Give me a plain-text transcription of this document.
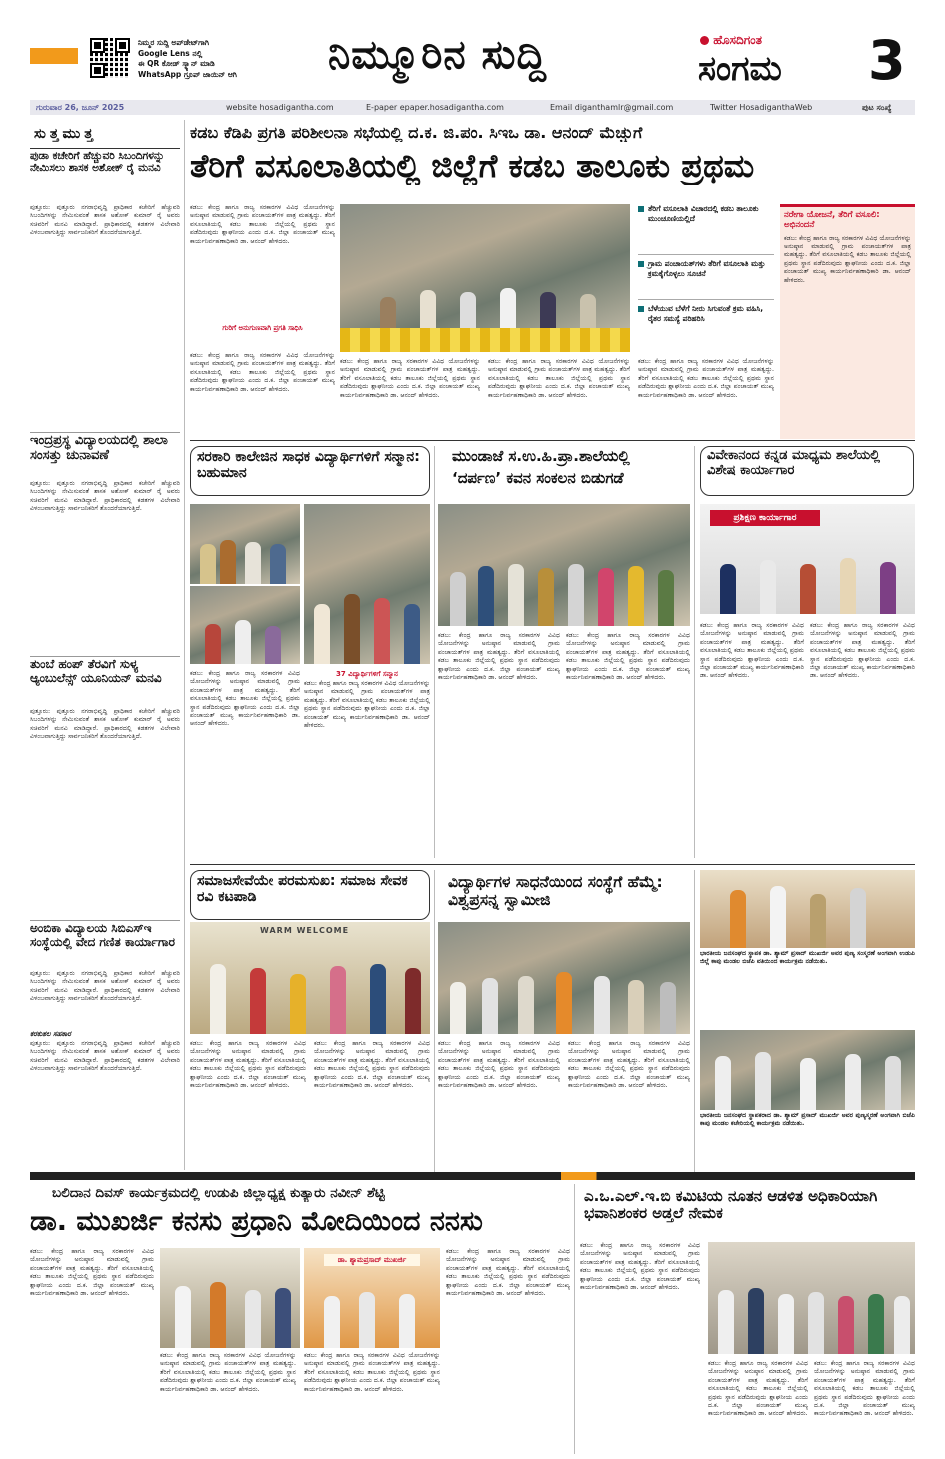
ನಿಮ್ಮರ ಸುದ್ದಿ ಅಪ್‌ಡೇಟ್‌ಗಾಗಿ
Google Lens ನಲ್ಲಿ
ಈ QR ಕೋಡ್ ಸ್ಕ್ಯಾನ್ ಮಾಡಿ
WhatsApp ಗ್ರೂಪ್ ಜಾಯಿನ್ ಆಗಿ	ನಿಮ್ಮೂರಿನ ಸುದ್ದಿ	ಹೊಸದಿಗಂತ
ಸಂಗಮ 3
ಗುರುವಾರ 26, ಜೂನ್ 2025	website hosadigantha.com	E-paper epaper.hosadigantha.com	Email diganthamlr@gmail.com	Twitter HosadiganthaWeb	ಪುಟ ಸಂಖ್ಯೆ
ಸುತ್ತಮುತ್ತ
ಪುಡಾ ಕಚೇರಿಗೆ ಹೆಚ್ಚುವರಿ ಸಿಬಂದಿಗಳನ್ನು ನೇಮಿಸಲು ಶಾಸಕ ಅಶೋಕ್ ರೈ ಮನವಿ
ಪುತ್ತೂರು: ಪುತ್ತೂರು ನಗರಾಭಿವೃದ್ಧಿ ಪ್ರಾಧಿಕಾರ ಕಚೇರಿಗೆ ಹೆಚ್ಚುವರಿ ಸಿಬಂದಿಗಳನ್ನು ನೇಮಿಸುವಂತೆ ಶಾಸಕ ಅಶೋಕ್ ಕುಮಾರ್ ರೈ ಅವರು ಸಚಿವರಿಗೆ ಮನವಿ ಮಾಡಿದ್ದಾರೆ. ಪ್ರಾಧಿಕಾರದಲ್ಲಿ ಕಡತಗಳ ವಿಲೇವಾರಿ ವಿಳಂಬವಾಗುತ್ತಿದ್ದು ಸಾರ್ವಜನಿಕರಿಗೆ ತೊಂದರೆಯಾಗುತ್ತಿದೆ.
ಇಂದ್ರಪ್ರಸ್ಥ ವಿದ್ಯಾಲಯದಲ್ಲಿ ಶಾಲಾ ಸಂಸತ್ತು ಚುನಾವಣೆ
ಪುತ್ತೂರು: ಪುತ್ತೂರು ನಗರಾಭಿವೃದ್ಧಿ ಪ್ರಾಧಿಕಾರ ಕಚೇರಿಗೆ ಹೆಚ್ಚುವರಿ ಸಿಬಂದಿಗಳನ್ನು ನೇಮಿಸುವಂತೆ ಶಾಸಕ ಅಶೋಕ್ ಕುಮಾರ್ ರೈ ಅವರು ಸಚಿವರಿಗೆ ಮನವಿ ಮಾಡಿದ್ದಾರೆ. ಪ್ರಾಧಿಕಾರದಲ್ಲಿ ಕಡತಗಳ ವಿಲೇವಾರಿ ವಿಳಂಬವಾಗುತ್ತಿದ್ದು ಸಾರ್ವಜನಿಕರಿಗೆ ತೊಂದರೆಯಾಗುತ್ತಿದೆ.
ತುಂಬೆ ಹಂಪ್ ತೆರವಿಗೆ ಸುಳ್ಯ ಆ್ಯಂಬುಲೆನ್ಸ್ ಯೂನಿಯನ್ ಮನವಿ
ಪುತ್ತೂರು: ಪುತ್ತೂರು ನಗರಾಭಿವೃದ್ಧಿ ಪ್ರಾಧಿಕಾರ ಕಚೇರಿಗೆ ಹೆಚ್ಚುವರಿ ಸಿಬಂದಿಗಳನ್ನು ನೇಮಿಸುವಂತೆ ಶಾಸಕ ಅಶೋಕ್ ಕುಮಾರ್ ರೈ ಅವರು ಸಚಿವರಿಗೆ ಮನವಿ ಮಾಡಿದ್ದಾರೆ. ಪ್ರಾಧಿಕಾರದಲ್ಲಿ ಕಡತಗಳ ವಿಲೇವಾರಿ ವಿಳಂಬವಾಗುತ್ತಿದ್ದು ಸಾರ್ವಜನಿಕರಿಗೆ ತೊಂದರೆಯಾಗುತ್ತಿದೆ.
ಅಂಬಿಕಾ ವಿದ್ಯಾಲಯ ಸಿಬಿಎಸ್‌ಇ ಸಂಸ್ಥೆಯಲ್ಲಿ ವೇದ ಗಣಿತ ಕಾರ್ಯಾಗಾರ
ಪುತ್ತೂರು: ಪುತ್ತೂರು ನಗರಾಭಿವೃದ್ಧಿ ಪ್ರಾಧಿಕಾರ ಕಚೇರಿಗೆ ಹೆಚ್ಚುವರಿ ಸಿಬಂದಿಗಳನ್ನು ನೇಮಿಸುವಂತೆ ಶಾಸಕ ಅಶೋಕ್ ಕುಮಾರ್ ರೈ ಅವರು ಸಚಿವರಿಗೆ ಮನವಿ ಮಾಡಿದ್ದಾರೆ. ಪ್ರಾಧಿಕಾರದಲ್ಲಿ ಕಡತಗಳ ವಿಲೇವಾರಿ ವಿಳಂಬವಾಗುತ್ತಿದ್ದು ಸಾರ್ವಜನಿಕರಿಗೆ ತೊಂದರೆಯಾಗುತ್ತಿದೆ.
ಕರಕುಶಲ ಸಹಕಾರ
ಪುತ್ತೂರು: ಪುತ್ತೂರು ನಗರಾಭಿವೃದ್ಧಿ ಪ್ರಾಧಿಕಾರ ಕಚೇರಿಗೆ ಹೆಚ್ಚುವರಿ ಸಿಬಂದಿಗಳನ್ನು ನೇಮಿಸುವಂತೆ ಶಾಸಕ ಅಶೋಕ್ ಕುಮಾರ್ ರೈ ಅವರು ಸಚಿವರಿಗೆ ಮನವಿ ಮಾಡಿದ್ದಾರೆ. ಪ್ರಾಧಿಕಾರದಲ್ಲಿ ಕಡತಗಳ ವಿಲೇವಾರಿ ವಿಳಂಬವಾಗುತ್ತಿದ್ದು ಸಾರ್ವಜನಿಕರಿಗೆ ತೊಂದರೆಯಾಗುತ್ತಿದೆ.
ಕಡಬ ಕೆಡಿಪಿ ಪ್ರಗತಿ ಪರಿಶೀಲನಾ ಸಭೆಯಲ್ಲಿ ದ.ಕ. ಜಿ.ಪಂ. ಸಿಇಒ ಡಾ. ಆನಂದ್ ಮೆಚ್ಚುಗೆ
ತೆರಿಗೆ ವಸೂಲಾತಿಯಲ್ಲಿ ಜಿಲ್ಲೆಗೆ ಕಡಬ ತಾಲೂಕು ಪ್ರಥಮ
ಕಡಬ: ಕೇಂದ್ರ ಹಾಗೂ ರಾಜ್ಯ ಸರಕಾರಗಳ ವಿವಿಧ ಯೋಜನೆಗಳನ್ನು ಅನುಷ್ಠಾನ ಮಾಡುವಲ್ಲಿ ಗ್ರಾಮ ಪಂಚಾಯತ್‌ಗಳ ಪಾತ್ರ ಮಹತ್ವದ್ದು. ತೆರಿಗೆ ವಸೂಲಾತಿಯಲ್ಲಿ ಕಡಬ ತಾಲೂಕು ಜಿಲ್ಲೆಯಲ್ಲಿ ಪ್ರಥಮ ಸ್ಥಾನ ಪಡೆದಿರುವುದು ಶ್ಲಾಘನೀಯ ಎಂದು ದ.ಕ. ಜಿಲ್ಲಾ ಪಂಚಾಯತ್ ಮುಖ್ಯ ಕಾರ್ಯನಿರ್ವಹಣಾಧಿಕಾರಿ ಡಾ. ಆನಂದ್ ಹೇಳಿದರು.
ತೆರಿಗೆ ವಸೂಲಾತಿ ವಿಚಾರದಲ್ಲಿ ಕಡಬ ತಾಲೂಕು ಮುಂಚೂಣಿಯಲ್ಲಿದೆ
ಗ್ರಾಮ ಪಂಚಾಯತ್‌ಗಳು ತೆರಿಗೆ ವಸೂಲಾತಿ ಮತ್ತು ಕ್ರಮಕೈಗೊಳ್ಳಲು ಸೂಚನೆ
ಬೆಳೆಯುವ ಬೆಳೆಗೆ ನೀರು ಸಿಗುವಂತೆ ಕ್ರಮ ವಹಿಸಿ, ರೈತರ ಸಮಸ್ಯೆ ಪರಿಹರಿಸಿ
ನರೇಗಾ ಯೋಜನೆ, ತೆರಿಗೆ ವಸೂಲಿ: ಅಭಿನಂದನೆ
ಕಡಬ: ಕೇಂದ್ರ ಹಾಗೂ ರಾಜ್ಯ ಸರಕಾರಗಳ ವಿವಿಧ ಯೋಜನೆಗಳನ್ನು ಅನುಷ್ಠಾನ ಮಾಡುವಲ್ಲಿ ಗ್ರಾಮ ಪಂಚಾಯತ್‌ಗಳ ಪಾತ್ರ ಮಹತ್ವದ್ದು. ತೆರಿಗೆ ವಸೂಲಾತಿಯಲ್ಲಿ ಕಡಬ ತಾಲೂಕು ಜಿಲ್ಲೆಯಲ್ಲಿ ಪ್ರಥಮ ಸ್ಥಾನ ಪಡೆದಿರುವುದು ಶ್ಲಾಘನೀಯ ಎಂದು ದ.ಕ. ಜಿಲ್ಲಾ ಪಂಚಾಯತ್ ಮುಖ್ಯ ಕಾರ್ಯನಿರ್ವಹಣಾಧಿಕಾರಿ ಡಾ. ಆನಂದ್ ಹೇಳಿದರು.
ಕಡಬ: ಕೇಂದ್ರ ಹಾಗೂ ರಾಜ್ಯ ಸರಕಾರಗಳ ವಿವಿಧ ಯೋಜನೆಗಳನ್ನು ಅನುಷ್ಠಾನ ಮಾಡುವಲ್ಲಿ ಗ್ರಾಮ ಪಂಚಾಯತ್‌ಗಳ ಪಾತ್ರ ಮಹತ್ವದ್ದು. ತೆರಿಗೆ ವಸೂಲಾತಿಯಲ್ಲಿ ಕಡಬ ತಾಲೂಕು ಜಿಲ್ಲೆಯಲ್ಲಿ ಪ್ರಥಮ ಸ್ಥಾನ ಪಡೆದಿರುವುದು ಶ್ಲಾಘನೀಯ ಎಂದು ದ.ಕ. ಜಿಲ್ಲಾ ಪಂಚಾಯತ್ ಮುಖ್ಯ ಕಾರ್ಯನಿರ್ವಹಣಾಧಿಕಾರಿ ಡಾ. ಆನಂದ್ ಹೇಳಿದರು.
ಗುರಿಗೆ ಅನುಗುಣವಾಗಿ ಪ್ರಗತಿ ಸಾಧಿಸಿ
ಕಡಬ: ಕೇಂದ್ರ ಹಾಗೂ ರಾಜ್ಯ ಸರಕಾರಗಳ ವಿವಿಧ ಯೋಜನೆಗಳನ್ನು ಅನುಷ್ಠಾನ ಮಾಡುವಲ್ಲಿ ಗ್ರಾಮ ಪಂಚಾಯತ್‌ಗಳ ಪಾತ್ರ ಮಹತ್ವದ್ದು. ತೆರಿಗೆ ವಸೂಲಾತಿಯಲ್ಲಿ ಕಡಬ ತಾಲೂಕು ಜಿಲ್ಲೆಯಲ್ಲಿ ಪ್ರಥಮ ಸ್ಥಾನ ಪಡೆದಿರುವುದು ಶ್ಲಾಘನೀಯ ಎಂದು ದ.ಕ. ಜಿಲ್ಲಾ ಪಂಚಾಯತ್ ಮುಖ್ಯ ಕಾರ್ಯನಿರ್ವಹಣಾಧಿಕಾರಿ ಡಾ. ಆನಂದ್ ಹೇಳಿದರು.
ಕಡಬ: ಕೇಂದ್ರ ಹಾಗೂ ರಾಜ್ಯ ಸರಕಾರಗಳ ವಿವಿಧ ಯೋಜನೆಗಳನ್ನು ಅನುಷ್ಠಾನ ಮಾಡುವಲ್ಲಿ ಗ್ರಾಮ ಪಂಚಾಯತ್‌ಗಳ ಪಾತ್ರ ಮಹತ್ವದ್ದು. ತೆರಿಗೆ ವಸೂಲಾತಿಯಲ್ಲಿ ಕಡಬ ತಾಲೂಕು ಜಿಲ್ಲೆಯಲ್ಲಿ ಪ್ರಥಮ ಸ್ಥಾನ ಪಡೆದಿರುವುದು ಶ್ಲಾಘನೀಯ ಎಂದು ದ.ಕ. ಜಿಲ್ಲಾ ಪಂಚಾಯತ್ ಮುಖ್ಯ ಕಾರ್ಯನಿರ್ವಹಣಾಧಿಕಾರಿ ಡಾ. ಆನಂದ್ ಹೇಳಿದರು.
ಕಡಬ: ಕೇಂದ್ರ ಹಾಗೂ ರಾಜ್ಯ ಸರಕಾರಗಳ ವಿವಿಧ ಯೋಜನೆಗಳನ್ನು ಅನುಷ್ಠಾನ ಮಾಡುವಲ್ಲಿ ಗ್ರಾಮ ಪಂಚಾಯತ್‌ಗಳ ಪಾತ್ರ ಮಹತ್ವದ್ದು. ತೆರಿಗೆ ವಸೂಲಾತಿಯಲ್ಲಿ ಕಡಬ ತಾಲೂಕು ಜಿಲ್ಲೆಯಲ್ಲಿ ಪ್ರಥಮ ಸ್ಥಾನ ಪಡೆದಿರುವುದು ಶ್ಲಾಘನೀಯ ಎಂದು ದ.ಕ. ಜಿಲ್ಲಾ ಪಂಚಾಯತ್ ಮುಖ್ಯ ಕಾರ್ಯನಿರ್ವಹಣಾಧಿಕಾರಿ ಡಾ. ಆನಂದ್ ಹೇಳಿದರು.
ಸರಕಾರಿ ಕಾಲೇಜಿನ ಸಾಧಕ ವಿದ್ಯಾರ್ಥಿಗಳಿಗೆ ಸನ್ಮಾನ: ಬಹುಮಾನ
37 ವಿದ್ಯಾರ್ಥಿಗಳಿಗೆ ಸನ್ಮಾನ
ಕಡಬ: ಕೇಂದ್ರ ಹಾಗೂ ರಾಜ್ಯ ಸರಕಾರಗಳ ವಿವಿಧ ಯೋಜನೆಗಳನ್ನು ಅನುಷ್ಠಾನ ಮಾಡುವಲ್ಲಿ ಗ್ರಾಮ ಪಂಚಾಯತ್‌ಗಳ ಪಾತ್ರ ಮಹತ್ವದ್ದು. ತೆರಿಗೆ ವಸೂಲಾತಿಯಲ್ಲಿ ಕಡಬ ತಾಲೂಕು ಜಿಲ್ಲೆಯಲ್ಲಿ ಪ್ರಥಮ ಸ್ಥಾನ ಪಡೆದಿರುವುದು ಶ್ಲಾಘನೀಯ ಎಂದು ದ.ಕ. ಜಿಲ್ಲಾ ಪಂಚಾಯತ್ ಮುಖ್ಯ ಕಾರ್ಯನಿರ್ವಹಣಾಧಿಕಾರಿ ಡಾ. ಆನಂದ್ ಹೇಳಿದರು.
ಕಡಬ: ಕೇಂದ್ರ ಹಾಗೂ ರಾಜ್ಯ ಸರಕಾರಗಳ ವಿವಿಧ ಯೋಜನೆಗಳನ್ನು ಅನುಷ್ಠಾನ ಮಾಡುವಲ್ಲಿ ಗ್ರಾಮ ಪಂಚಾಯತ್‌ಗಳ ಪಾತ್ರ ಮಹತ್ವದ್ದು. ತೆರಿಗೆ ವಸೂಲಾತಿಯಲ್ಲಿ ಕಡಬ ತಾಲೂಕು ಜಿಲ್ಲೆಯಲ್ಲಿ ಪ್ರಥಮ ಸ್ಥಾನ ಪಡೆದಿರುವುದು ಶ್ಲಾಘನೀಯ ಎಂದು ದ.ಕ. ಜಿಲ್ಲಾ ಪಂಚಾಯತ್ ಮುಖ್ಯ ಕಾರ್ಯನಿರ್ವಹಣಾಧಿಕಾರಿ ಡಾ. ಆನಂದ್ ಹೇಳಿದರು.
ಮುಂಡಾಜೆ ಸ.ಉ.ಹಿ.ಪ್ರಾ.ಶಾಲೆಯಲ್ಲಿ
‘ದರ್ಪಣ’ ಕವನ ಸಂಕಲನ ಬಿಡುಗಡೆ
ಕಡಬ: ಕೇಂದ್ರ ಹಾಗೂ ರಾಜ್ಯ ಸರಕಾರಗಳ ವಿವಿಧ ಯೋಜನೆಗಳನ್ನು ಅನುಷ್ಠಾನ ಮಾಡುವಲ್ಲಿ ಗ್ರಾಮ ಪಂಚಾಯತ್‌ಗಳ ಪಾತ್ರ ಮಹತ್ವದ್ದು. ತೆರಿಗೆ ವಸೂಲಾತಿಯಲ್ಲಿ ಕಡಬ ತಾಲೂಕು ಜಿಲ್ಲೆಯಲ್ಲಿ ಪ್ರಥಮ ಸ್ಥಾನ ಪಡೆದಿರುವುದು ಶ್ಲಾಘನೀಯ ಎಂದು ದ.ಕ. ಜಿಲ್ಲಾ ಪಂಚಾಯತ್ ಮುಖ್ಯ ಕಾರ್ಯನಿರ್ವಹಣಾಧಿಕಾರಿ ಡಾ. ಆನಂದ್ ಹೇಳಿದರು.
ಕಡಬ: ಕೇಂದ್ರ ಹಾಗೂ ರಾಜ್ಯ ಸರಕಾರಗಳ ವಿವಿಧ ಯೋಜನೆಗಳನ್ನು ಅನುಷ್ಠಾನ ಮಾಡುವಲ್ಲಿ ಗ್ರಾಮ ಪಂಚಾಯತ್‌ಗಳ ಪಾತ್ರ ಮಹತ್ವದ್ದು. ತೆರಿಗೆ ವಸೂಲಾತಿಯಲ್ಲಿ ಕಡಬ ತಾಲೂಕು ಜಿಲ್ಲೆಯಲ್ಲಿ ಪ್ರಥಮ ಸ್ಥಾನ ಪಡೆದಿರುವುದು ಶ್ಲಾಘನೀಯ ಎಂದು ದ.ಕ. ಜಿಲ್ಲಾ ಪಂಚಾಯತ್ ಮುಖ್ಯ ಕಾರ್ಯನಿರ್ವಹಣಾಧಿಕಾರಿ ಡಾ. ಆನಂದ್ ಹೇಳಿದರು.
ವಿವೇಕಾನಂದ ಕನ್ನಡ ಮಾಧ್ಯಮ ಶಾಲೆಯಲ್ಲಿ ವಿಶೇಷ ಕಾರ್ಯಾಗಾರ
ಪ್ರಶಿಕ್ಷಣ ಕಾರ್ಯಾಗಾರ
ಕಡಬ: ಕೇಂದ್ರ ಹಾಗೂ ರಾಜ್ಯ ಸರಕಾರಗಳ ವಿವಿಧ ಯೋಜನೆಗಳನ್ನು ಅನುಷ್ಠಾನ ಮಾಡುವಲ್ಲಿ ಗ್ರಾಮ ಪಂಚಾಯತ್‌ಗಳ ಪಾತ್ರ ಮಹತ್ವದ್ದು. ತೆರಿಗೆ ವಸೂಲಾತಿಯಲ್ಲಿ ಕಡಬ ತಾಲೂಕು ಜಿಲ್ಲೆಯಲ್ಲಿ ಪ್ರಥಮ ಸ್ಥಾನ ಪಡೆದಿರುವುದು ಶ್ಲಾಘನೀಯ ಎಂದು ದ.ಕ. ಜಿಲ್ಲಾ ಪಂಚಾಯತ್ ಮುಖ್ಯ ಕಾರ್ಯನಿರ್ವಹಣಾಧಿಕಾರಿ ಡಾ. ಆನಂದ್ ಹೇಳಿದರು.
ಕಡಬ: ಕೇಂದ್ರ ಹಾಗೂ ರಾಜ್ಯ ಸರಕಾರಗಳ ವಿವಿಧ ಯೋಜನೆಗಳನ್ನು ಅನುಷ್ಠಾನ ಮಾಡುವಲ್ಲಿ ಗ್ರಾಮ ಪಂಚಾಯತ್‌ಗಳ ಪಾತ್ರ ಮಹತ್ವದ್ದು. ತೆರಿಗೆ ವಸೂಲಾತಿಯಲ್ಲಿ ಕಡಬ ತಾಲೂಕು ಜಿಲ್ಲೆಯಲ್ಲಿ ಪ್ರಥಮ ಸ್ಥಾನ ಪಡೆದಿರುವುದು ಶ್ಲಾಘನೀಯ ಎಂದು ದ.ಕ. ಜಿಲ್ಲಾ ಪಂಚಾಯತ್ ಮುಖ್ಯ ಕಾರ್ಯನಿರ್ವಹಣಾಧಿಕಾರಿ ಡಾ. ಆನಂದ್ ಹೇಳಿದರು.
ಸಮಾಜಸೇವೆಯೇ ಪರಮಸುಖ: ಸಮಾಜ ಸೇವಕ ರವಿ ಕಟಪಾಡಿ
WARM WELCOME
ಕಡಬ: ಕೇಂದ್ರ ಹಾಗೂ ರಾಜ್ಯ ಸರಕಾರಗಳ ವಿವಿಧ ಯೋಜನೆಗಳನ್ನು ಅನುಷ್ಠಾನ ಮಾಡುವಲ್ಲಿ ಗ್ರಾಮ ಪಂಚಾಯತ್‌ಗಳ ಪಾತ್ರ ಮಹತ್ವದ್ದು. ತೆರಿಗೆ ವಸೂಲಾತಿಯಲ್ಲಿ ಕಡಬ ತಾಲೂಕು ಜಿಲ್ಲೆಯಲ್ಲಿ ಪ್ರಥಮ ಸ್ಥಾನ ಪಡೆದಿರುವುದು ಶ್ಲಾಘನೀಯ ಎಂದು ದ.ಕ. ಜಿಲ್ಲಾ ಪಂಚಾಯತ್ ಮುಖ್ಯ ಕಾರ್ಯನಿರ್ವಹಣಾಧಿಕಾರಿ ಡಾ. ಆನಂದ್ ಹೇಳಿದರು.
ಕಡಬ: ಕೇಂದ್ರ ಹಾಗೂ ರಾಜ್ಯ ಸರಕಾರಗಳ ವಿವಿಧ ಯೋಜನೆಗಳನ್ನು ಅನುಷ್ಠಾನ ಮಾಡುವಲ್ಲಿ ಗ್ರಾಮ ಪಂಚಾಯತ್‌ಗಳ ಪಾತ್ರ ಮಹತ್ವದ್ದು. ತೆರಿಗೆ ವಸೂಲಾತಿಯಲ್ಲಿ ಕಡಬ ತಾಲೂಕು ಜಿಲ್ಲೆಯಲ್ಲಿ ಪ್ರಥಮ ಸ್ಥಾನ ಪಡೆದಿರುವುದು ಶ್ಲಾಘನೀಯ ಎಂದು ದ.ಕ. ಜಿಲ್ಲಾ ಪಂಚಾಯತ್ ಮುಖ್ಯ ಕಾರ್ಯನಿರ್ವಹಣಾಧಿಕಾರಿ ಡಾ. ಆನಂದ್ ಹೇಳಿದರು.
ವಿದ್ಯಾರ್ಥಿಗಳ ಸಾಧನೆಯಿಂದ ಸಂಸ್ಥೆಗೆ ಹೆಮ್ಮೆ: ವಿಶ್ವಪ್ರಸನ್ನ ಸ್ವಾಮೀಜಿ
ಕಡಬ: ಕೇಂದ್ರ ಹಾಗೂ ರಾಜ್ಯ ಸರಕಾರಗಳ ವಿವಿಧ ಯೋಜನೆಗಳನ್ನು ಅನುಷ್ಠಾನ ಮಾಡುವಲ್ಲಿ ಗ್ರಾಮ ಪಂಚಾಯತ್‌ಗಳ ಪಾತ್ರ ಮಹತ್ವದ್ದು. ತೆರಿಗೆ ವಸೂಲಾತಿಯಲ್ಲಿ ಕಡಬ ತಾಲೂಕು ಜಿಲ್ಲೆಯಲ್ಲಿ ಪ್ರಥಮ ಸ್ಥಾನ ಪಡೆದಿರುವುದು ಶ್ಲಾಘನೀಯ ಎಂದು ದ.ಕ. ಜಿಲ್ಲಾ ಪಂಚಾಯತ್ ಮುಖ್ಯ ಕಾರ್ಯನಿರ್ವಹಣಾಧಿಕಾರಿ ಡಾ. ಆನಂದ್ ಹೇಳಿದರು.
ಕಡಬ: ಕೇಂದ್ರ ಹಾಗೂ ರಾಜ್ಯ ಸರಕಾರಗಳ ವಿವಿಧ ಯೋಜನೆಗಳನ್ನು ಅನುಷ್ಠಾನ ಮಾಡುವಲ್ಲಿ ಗ್ರಾಮ ಪಂಚಾಯತ್‌ಗಳ ಪಾತ್ರ ಮಹತ್ವದ್ದು. ತೆರಿಗೆ ವಸೂಲಾತಿಯಲ್ಲಿ ಕಡಬ ತಾಲೂಕು ಜಿಲ್ಲೆಯಲ್ಲಿ ಪ್ರಥಮ ಸ್ಥಾನ ಪಡೆದಿರುವುದು ಶ್ಲಾಘನೀಯ ಎಂದು ದ.ಕ. ಜಿಲ್ಲಾ ಪಂಚಾಯತ್ ಮುಖ್ಯ ಕಾರ್ಯನಿರ್ವಹಣಾಧಿಕಾರಿ ಡಾ. ಆನಂದ್ ಹೇಳಿದರು.
ಭಾರತೀಯ ಜನಸಂಘದ ಸ್ಥಾಪಕ ಡಾ. ಶ್ಯಾಮ್ ಪ್ರಸಾದ್ ಮುಖರ್ಜಿ ಅವರ ಪುಣ್ಯ ಸಂಸ್ಮರಣೆ ಅಂಗವಾಗಿ ಉಡುಪಿ ಜಿಲ್ಲೆ ಕಾಪು ಮಂಡಲ ಬಿಜೆಪಿ ವತಿಯಿಂದ ಕಾರ್ಯಕ್ರಮ ನಡೆಯಿತು.
ಭಾರತೀಯ ಜನಸಂಘದ ಸ್ಥಾಪಕರಾದ ಡಾ. ಶ್ಯಾಮ್ ಪ್ರಸಾದ್ ಮುಖರ್ಜಿ ಅವರ ಪುಣ್ಯಸ್ಮರಣೆ ಅಂಗವಾಗಿ ಬಿಜೆಪಿ ಕಾಪು ಮಂಡಲ ಕಚೇರಿಯಲ್ಲಿ ಕಾರ್ಯಕ್ರಮ ನಡೆಯಿತು.
ಬಲಿದಾನ ದಿವಸ್ ಕಾರ್ಯಕ್ರಮದಲ್ಲಿ ಉಡುಪಿ ಜಿಲ್ಲಾಧ್ಯಕ್ಷ ಕುತ್ಯಾರು ನವೀನ್ ಶೆಟ್ಟಿ
ಡಾ. ಮುಖರ್ಜಿ ಕನಸು ಪ್ರಧಾನಿ ಮೋದಿಯಿಂದ ನನಸು
ಕಡಬ: ಕೇಂದ್ರ ಹಾಗೂ ರಾಜ್ಯ ಸರಕಾರಗಳ ವಿವಿಧ ಯೋಜನೆಗಳನ್ನು ಅನುಷ್ಠಾನ ಮಾಡುವಲ್ಲಿ ಗ್ರಾಮ ಪಂಚಾಯತ್‌ಗಳ ಪಾತ್ರ ಮಹತ್ವದ್ದು. ತೆರಿಗೆ ವಸೂಲಾತಿಯಲ್ಲಿ ಕಡಬ ತಾಲೂಕು ಜಿಲ್ಲೆಯಲ್ಲಿ ಪ್ರಥಮ ಸ್ಥಾನ ಪಡೆದಿರುವುದು ಶ್ಲಾಘನೀಯ ಎಂದು ದ.ಕ. ಜಿಲ್ಲಾ ಪಂಚಾಯತ್ ಮುಖ್ಯ ಕಾರ್ಯನಿರ್ವಹಣಾಧಿಕಾರಿ ಡಾ. ಆನಂದ್ ಹೇಳಿದರು.
ಡಾ. ಶ್ಯಾಮಪ್ರಸಾದ್ ಮುಖರ್ಜಿ
ಕಡಬ: ಕೇಂದ್ರ ಹಾಗೂ ರಾಜ್ಯ ಸರಕಾರಗಳ ವಿವಿಧ ಯೋಜನೆಗಳನ್ನು ಅನುಷ್ಠಾನ ಮಾಡುವಲ್ಲಿ ಗ್ರಾಮ ಪಂಚಾಯತ್‌ಗಳ ಪಾತ್ರ ಮಹತ್ವದ್ದು. ತೆರಿಗೆ ವಸೂಲಾತಿಯಲ್ಲಿ ಕಡಬ ತಾಲೂಕು ಜಿಲ್ಲೆಯಲ್ಲಿ ಪ್ರಥಮ ಸ್ಥಾನ ಪಡೆದಿರುವುದು ಶ್ಲಾಘನೀಯ ಎಂದು ದ.ಕ. ಜಿಲ್ಲಾ ಪಂಚಾಯತ್ ಮುಖ್ಯ ಕಾರ್ಯನಿರ್ವಹಣಾಧಿಕಾರಿ ಡಾ. ಆನಂದ್ ಹೇಳಿದರು.
ಕಡಬ: ಕೇಂದ್ರ ಹಾಗೂ ರಾಜ್ಯ ಸರಕಾರಗಳ ವಿವಿಧ ಯೋಜನೆಗಳನ್ನು ಅನುಷ್ಠಾನ ಮಾಡುವಲ್ಲಿ ಗ್ರಾಮ ಪಂಚಾಯತ್‌ಗಳ ಪಾತ್ರ ಮಹತ್ವದ್ದು. ತೆರಿಗೆ ವಸೂಲಾತಿಯಲ್ಲಿ ಕಡಬ ತಾಲೂಕು ಜಿಲ್ಲೆಯಲ್ಲಿ ಪ್ರಥಮ ಸ್ಥಾನ ಪಡೆದಿರುವುದು ಶ್ಲಾಘನೀಯ ಎಂದು ದ.ಕ. ಜಿಲ್ಲಾ ಪಂಚಾಯತ್ ಮುಖ್ಯ ಕಾರ್ಯನಿರ್ವಹಣಾಧಿಕಾರಿ ಡಾ. ಆನಂದ್ ಹೇಳಿದರು.
ಕಡಬ: ಕೇಂದ್ರ ಹಾಗೂ ರಾಜ್ಯ ಸರಕಾರಗಳ ವಿವಿಧ ಯೋಜನೆಗಳನ್ನು ಅನುಷ್ಠಾನ ಮಾಡುವಲ್ಲಿ ಗ್ರಾಮ ಪಂಚಾಯತ್‌ಗಳ ಪಾತ್ರ ಮಹತ್ವದ್ದು. ತೆರಿಗೆ ವಸೂಲಾತಿಯಲ್ಲಿ ಕಡಬ ತಾಲೂಕು ಜಿಲ್ಲೆಯಲ್ಲಿ ಪ್ರಥಮ ಸ್ಥಾನ ಪಡೆದಿರುವುದು ಶ್ಲಾಘನೀಯ ಎಂದು ದ.ಕ. ಜಿಲ್ಲಾ ಪಂಚಾಯತ್ ಮುಖ್ಯ ಕಾರ್ಯನಿರ್ವಹಣಾಧಿಕಾರಿ ಡಾ. ಆನಂದ್ ಹೇಳಿದರು.
ಎ.ಒ.ಎಲ್.ಇ.ಬಿ ಕಮಿಟಿಯ ನೂತನ ಆಡಳಿತ ಅಧಿಕಾರಿಯಾಗಿ ಭವಾನಿಶಂಕರ ಅಡ್ತಲೆ ನೇಮಕ
ಕಡಬ: ಕೇಂದ್ರ ಹಾಗೂ ರಾಜ್ಯ ಸರಕಾರಗಳ ವಿವಿಧ ಯೋಜನೆಗಳನ್ನು ಅನುಷ್ಠಾನ ಮಾಡುವಲ್ಲಿ ಗ್ರಾಮ ಪಂಚಾಯತ್‌ಗಳ ಪಾತ್ರ ಮಹತ್ವದ್ದು. ತೆರಿಗೆ ವಸೂಲಾತಿಯಲ್ಲಿ ಕಡಬ ತಾಲೂಕು ಜಿಲ್ಲೆಯಲ್ಲಿ ಪ್ರಥಮ ಸ್ಥಾನ ಪಡೆದಿರುವುದು ಶ್ಲಾಘನೀಯ ಎಂದು ದ.ಕ. ಜಿಲ್ಲಾ ಪಂಚಾಯತ್ ಮುಖ್ಯ ಕಾರ್ಯನಿರ್ವಹಣಾಧಿಕಾರಿ ಡಾ. ಆನಂದ್ ಹೇಳಿದರು.
ಕಡಬ: ಕೇಂದ್ರ ಹಾಗೂ ರಾಜ್ಯ ಸರಕಾರಗಳ ವಿವಿಧ ಯೋಜನೆಗಳನ್ನು ಅನುಷ್ಠಾನ ಮಾಡುವಲ್ಲಿ ಗ್ರಾಮ ಪಂಚಾಯತ್‌ಗಳ ಪಾತ್ರ ಮಹತ್ವದ್ದು. ತೆರಿಗೆ ವಸೂಲಾತಿಯಲ್ಲಿ ಕಡಬ ತಾಲೂಕು ಜಿಲ್ಲೆಯಲ್ಲಿ ಪ್ರಥಮ ಸ್ಥಾನ ಪಡೆದಿರುವುದು ಶ್ಲಾಘನೀಯ ಎಂದು ದ.ಕ. ಜಿಲ್ಲಾ ಪಂಚಾಯತ್ ಮುಖ್ಯ ಕಾರ್ಯನಿರ್ವಹಣಾಧಿಕಾರಿ ಡಾ. ಆನಂದ್ ಹೇಳಿದರು.
ಕಡಬ: ಕೇಂದ್ರ ಹಾಗೂ ರಾಜ್ಯ ಸರಕಾರಗಳ ವಿವಿಧ ಯೋಜನೆಗಳನ್ನು ಅನುಷ್ಠಾನ ಮಾಡುವಲ್ಲಿ ಗ್ರಾಮ ಪಂಚಾಯತ್‌ಗಳ ಪಾತ್ರ ಮಹತ್ವದ್ದು. ತೆರಿಗೆ ವಸೂಲಾತಿಯಲ್ಲಿ ಕಡಬ ತಾಲೂಕು ಜಿಲ್ಲೆಯಲ್ಲಿ ಪ್ರಥಮ ಸ್ಥಾನ ಪಡೆದಿರುವುದು ಶ್ಲಾಘನೀಯ ಎಂದು ದ.ಕ. ಜಿಲ್ಲಾ ಪಂಚಾಯತ್ ಮುಖ್ಯ ಕಾರ್ಯನಿರ್ವಹಣಾಧಿಕಾರಿ ಡಾ. ಆನಂದ್ ಹೇಳಿದರು.
